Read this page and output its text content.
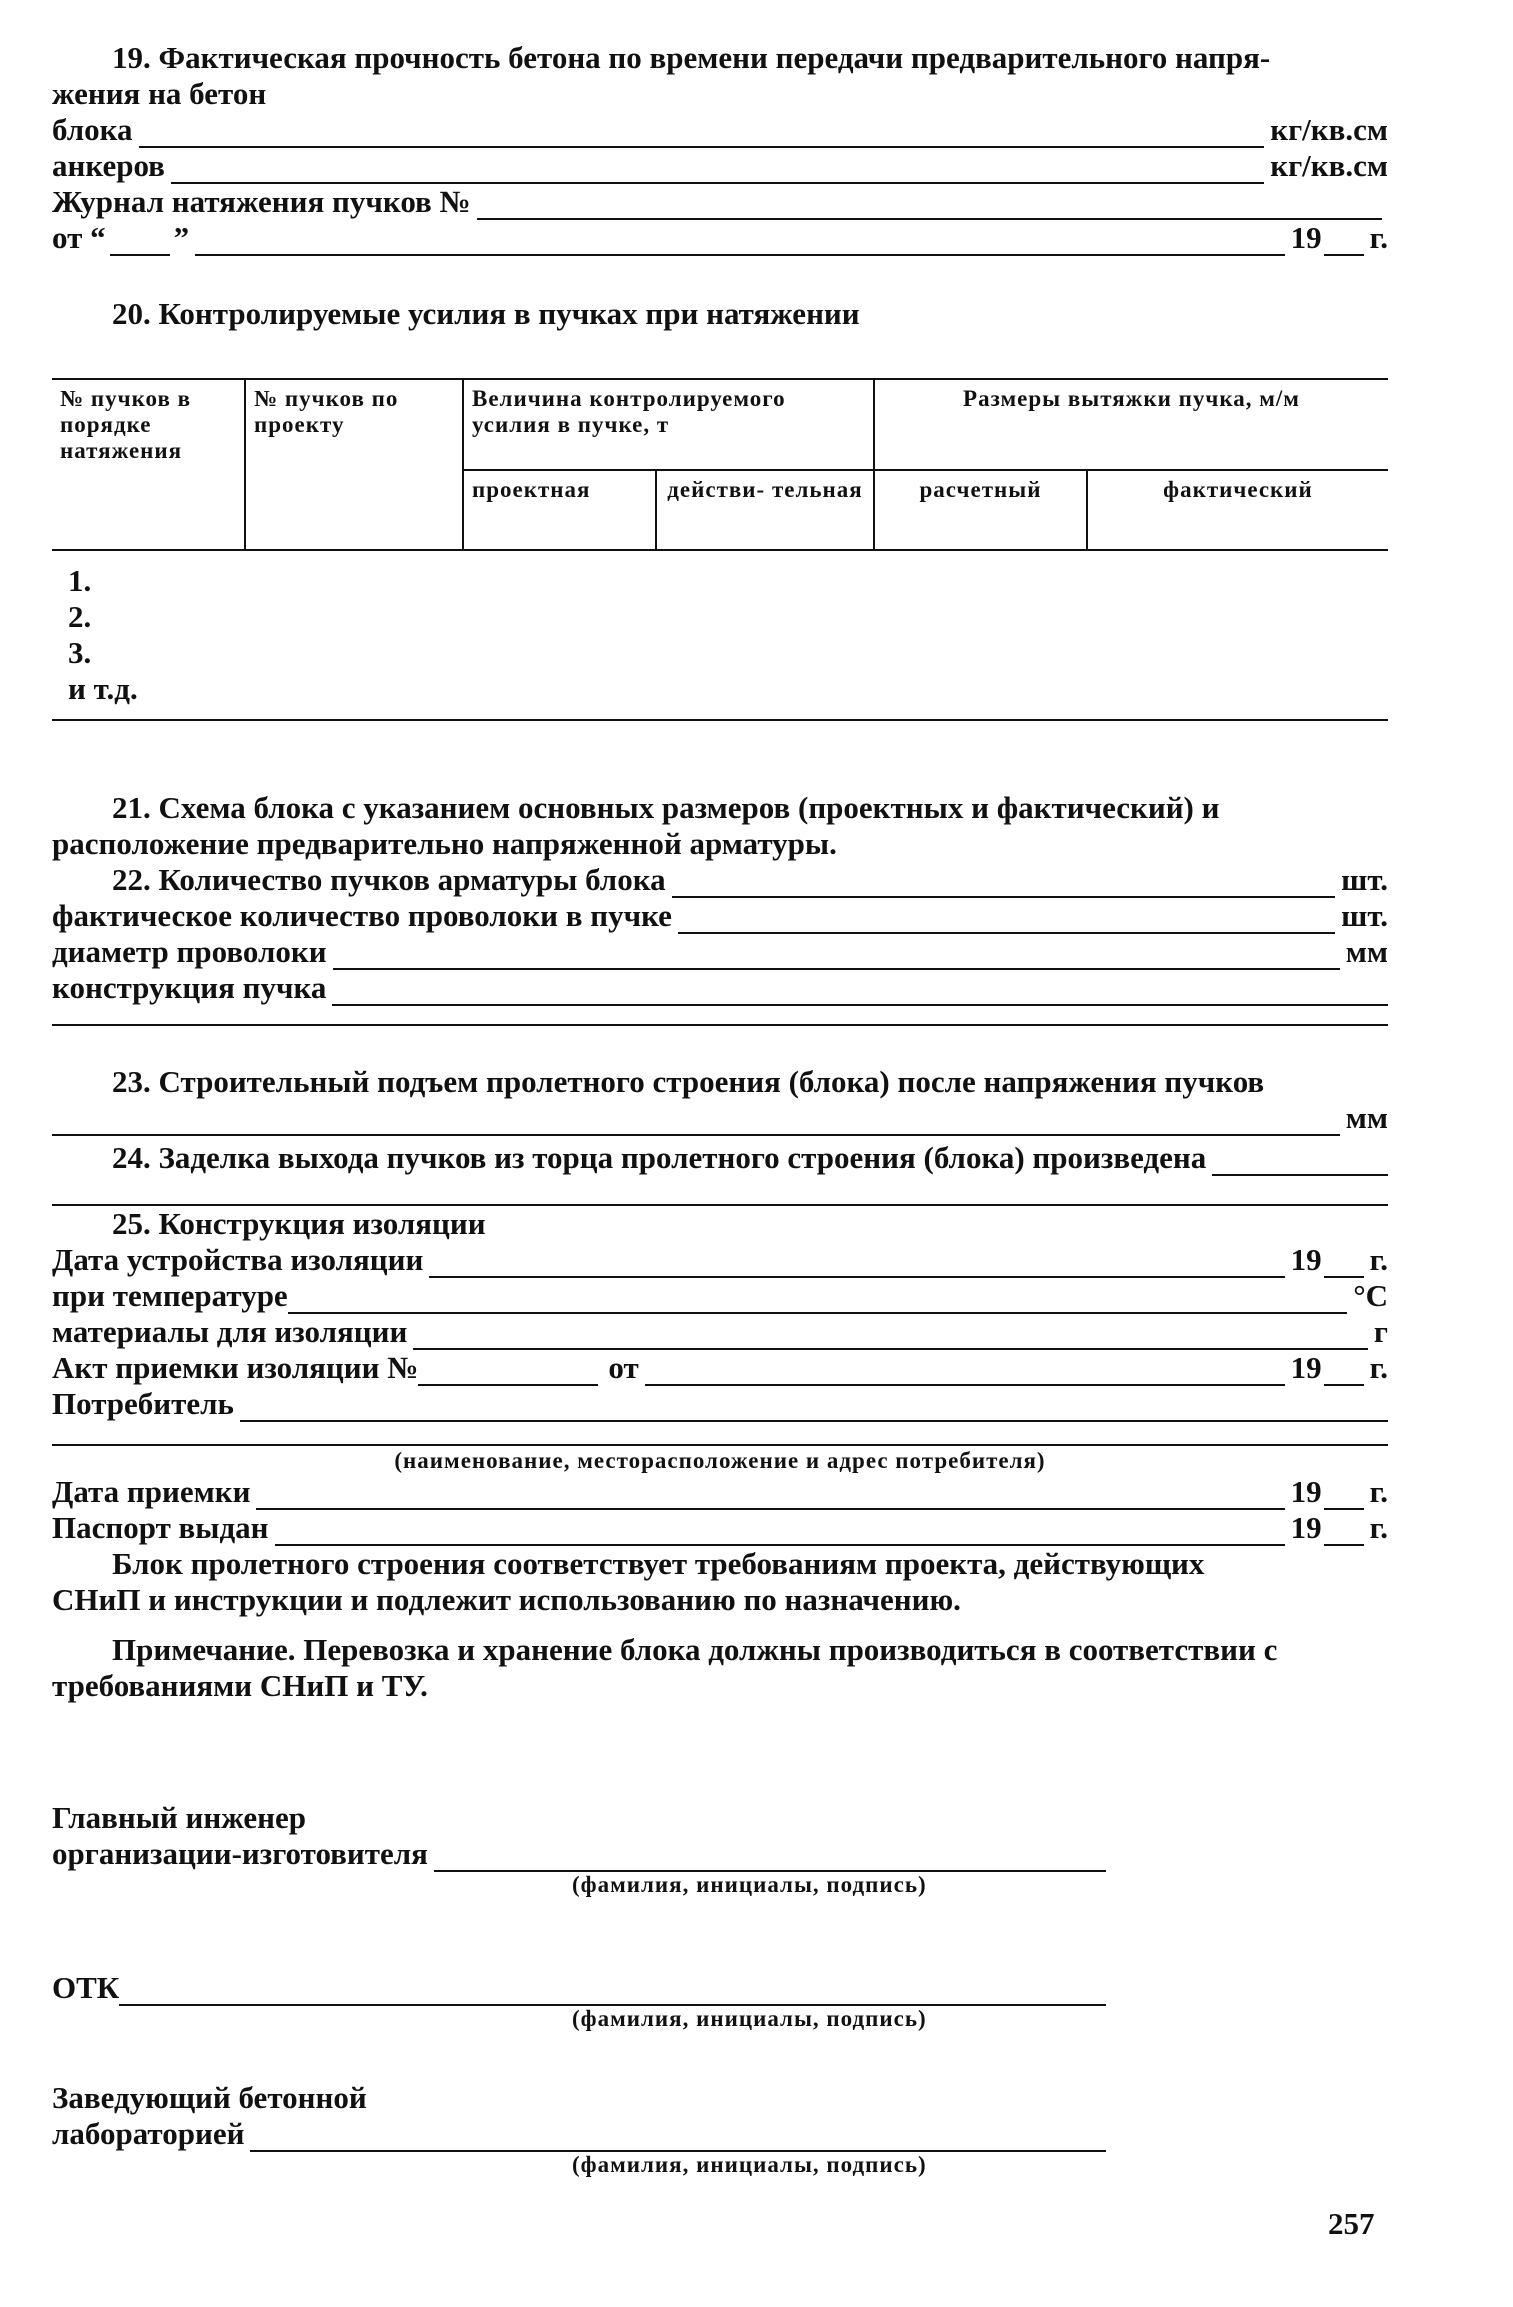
19. Фактическая прочность бетона по времени передачи предварительного напря-
жения на бетон
блока	кг/кв.см
анкеров	кг/кв.см
Журнал натяжения пучков №
от “ ”	19 г.
20. Контролируемые усилия в пучках при натяжении
№ пучков в порядке натяжения	№ пучков по проекту	Величина контролируемого усилия в пучке, т		Размеры вытяжки пучка, м/м	
		проектная	действи- тельная	расчетный	фактический
1.
2.
3.
и т.д.
21. Схема блока с указанием основных размеров (проектных и фактический) и
расположение предварительно напряженной арматуры.
22. Количество пучков арматуры блока	шт.
фактическое количество проволоки в пучке	шт.
диаметр проволоки	мм
конструкция пучка
23. Строительный подъем пролетного строения (блока) после напряжения пучков
мм
24. Заделка выхода пучков из торца пролетного строения (блока) произведена
25. Конструкция изоляции
Дата устройства изоляции	19 г.
при температуре	°С
материалы для изоляции	г
Акт приемки изоляции №	от	19 г.
Потребитель
(наименование, месторасположение и адрес потребителя)
Дата приемки	19 г.
Паспорт выдан	19 г.
Блок пролетного строения соответствует требованиям проекта, действующих
СНиП и инструкции и подлежит использованию по назначению.
Примечание. Перевозка и хранение блока должны производиться в соответствии с
требованиями СНиП и ТУ.
Главный инженер
организации-изготовителя
(фамилия, инициалы, подпись)
ОТК
(фамилия, инициалы, подпись)
Заведующий бетонной
лабораторией
(фамилия, инициалы, подпись)
257
